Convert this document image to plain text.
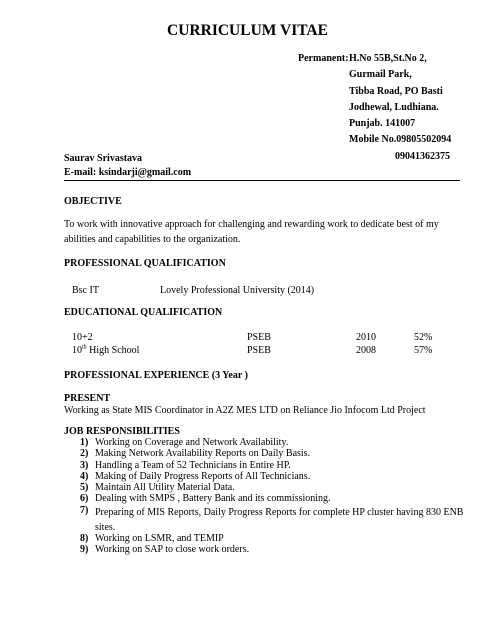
CURRICULUM VITAE
Permanent: H.No 55B,St.No 2,
Gurmail Park,
Tibba Road, PO Basti
Jodhewal, Ludhiana.
Punjab. 141007
Mobile No.09805502094
09041362375
Saurav Srivastava
E-mail: ksindarji@gmail.com
OBJECTIVE
To work with innovative approach for challenging and rewarding work to dedicate best of my abilities and capabilities to the organization.
PROFESSIONAL QUALIFICATION
Bsc IT	Lovely Professional University (2014)
EDUCATIONAL QUALIFICATION
10+2	PSEB	2010	52%
10th High School	PSEB	2008	57%
PROFESSIONAL EXPERIENCE (3 Year )
PRESENT
Working as State MIS Coordinator in A2Z MES LTD on Reliance Jio Infocom Ltd Project
JOB RESPONSIBILITIES
1) Working on Coverage and Network Availability.
2) Making Network Availability Reports on Daily Basis.
3) Handling a Team of 52 Technicians in Entire HP.
4) Making of Daily Progress Reports of All Technicians.
5) Maintain All Utility Material Data.
6) Dealing with SMPS , Battery Bank and its commissioning.
7) Preparing of MIS Reports, Daily Progress Reports for complete HP cluster having 830 ENB sites.
8) Working on LSMR, and TEMIP
9) Working on SAP to close work orders.
